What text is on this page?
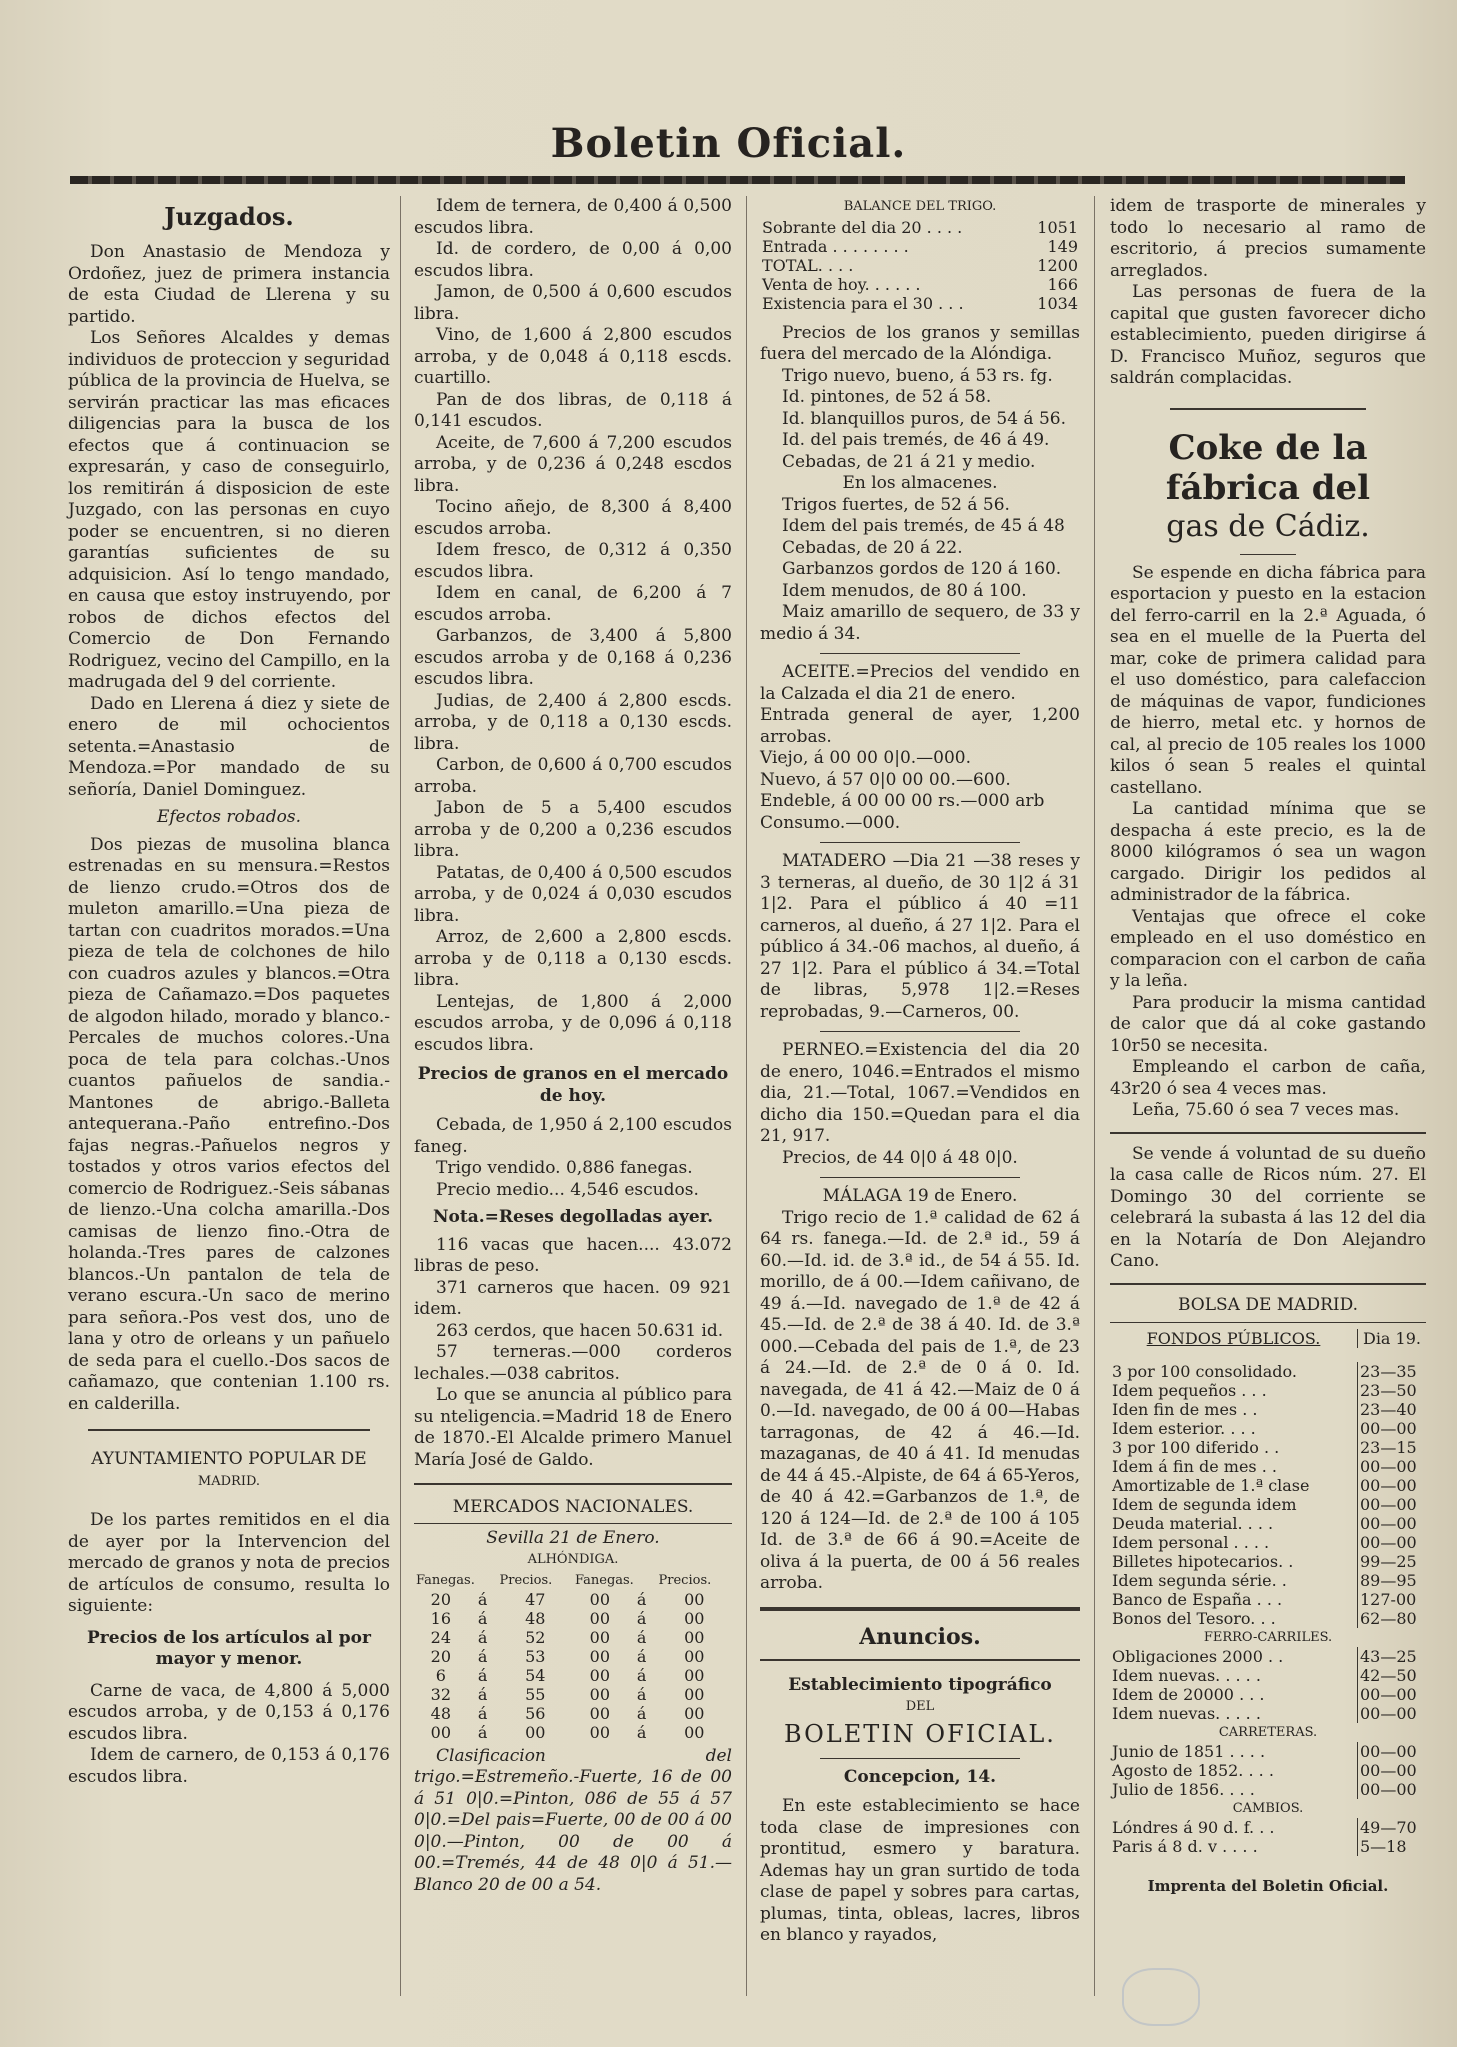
Boletin Oficial.
Juzgados.

Don Anastasio de Mendoza y Ordoñez, juez de primera instancia de esta Ciudad de Llerena y su partido.

Los Señores Alcaldes y demas individuos de proteccion y seguridad pública de la provincia de Huelva, se servirán practicar las mas eficaces diligencias para la busca de los efectos que á continuacion se expresarán, y caso de conseguirlo, los remitirán á disposicion de este Juzgado, con las personas en cuyo poder se encuentren, si no dieren garantías suficientes de su adquisicion. Así lo tengo mandado, en causa que estoy instruyendo, por robos de dichos efectos del Comercio de Don Fernando Rodriguez, vecino del Campillo, en la madrugada del 9 del corriente.

Dado en Llerena á diez y siete de enero de mil ochocientos setenta.=Anastasio de Mendoza.=Por mandado de su señoría, Daniel Dominguez.

Efectos robados.

Dos piezas de musolina blanca estrenadas en su mensura.=Restos de lienzo crudo.=Otros dos de muleton amarillo.=Una pieza de tartan con cuadritos morados.=Una pieza de tela de colchones de hilo con cuadros azules y blancos.=Otra pieza de Cañamazo.=Dos paquetes de algodon hilado, morado y blanco.-Percales de muchos colores.-Una poca de tela para colchas.-Unos cuantos pañuelos de sandia.-Mantones de abrigo.-Balleta antequerana.-Paño entrefino.-Dos fajas negras.-Pañuelos negros y tostados y otros varios efectos del comercio de Rodriguez.-Seis sábanas de lienzo.-Una colcha amarilla.-Dos camisas de lienzo fino.-Otra de holanda.-Tres pares de calzones blancos.-Un pantalon de tela de verano escura.-Un saco de merino para señora.-Pos vest dos, uno de lana y otro de orleans y un pañuelo de seda para el cuello.-Dos sacos de cañamazo, que contenian 1.100 rs. en calderilla.

AYUNTAMIENTO POPULAR DE

MADRID.

De los partes remitidos en el dia de ayer por la Intervencion del mercado de granos y nota de precios de artículos de consumo, resulta lo siguiente:

Precios de los artículos al por mayor y menor.

Carne de vaca, de 4,800 á 5,000 escudos arroba, y de 0,153 á 0,176 escudos libra.

Idem de carnero, de 0,153 á 0,176 escudos libra.

Idem de ternera, de 0,400 á 0,500 escudos libra.

Id. de cordero, de 0,00 á 0,00 escudos libra.

Jamon, de 0,500 á 0,600 escudos libra.

Vino, de 1,600 á 2,800 escudos arroba, y de 0,048 á 0,118 escds. cuartillo.

Pan de dos libras, de 0,118 á 0,141 escudos.

Aceite, de 7,600 á 7,200 escudos arroba, y de 0,236 á 0,248 escdos libra.

Tocino añejo, de 8,300 á 8,400 escudos arroba.

Idem fresco, de 0,312 á 0,350 escudos libra.

Idem en canal, de 6,200 á 7 escudos arroba.

Garbanzos, de 3,400 á 5,800 escudos arroba y de 0,168 á 0,236 escudos libra.

Judias, de 2,400 á 2,800 escds. arroba, y de 0,118 a 0,130 escds. libra.

Carbon, de 0,600 á 0,700 escudos arroba.

Jabon de 5 a 5,400 escudos arroba y de 0,200 a 0,236 escudos libra.

Patatas, de 0,400 á 0,500 escudos arroba, y de 0,024 á 0,030 escudos libra.

Arroz, de 2,600 a 2,800 escds. arroba y de 0,118 a 0,130 escds. libra.

Lentejas, de 1,800 á 2,000 escudos arroba, y de 0,096 á 0,118 escudos libra.

Precios de granos en el mercado de hoy.

Cebada, de 1,950 á 2,100 escudos faneg.

Trigo vendido. 0,886 fanegas.

Precio medio... 4,546 escudos.

Nota.=Reses degolladas ayer.

116 vacas que hacen.... 43.072 libras de peso.

371 carneros que hacen. 09 921 idem.

263 cerdos, que hacen 50.631 id.

57 terneras.—000 corderos lechales.—038 cabritos.

Lo que se anuncia al público para su nteligencia.=Madrid 18 de Enero de 1870.-El Alcalde primero Manuel María José de Galdo.

MERCADOS NACIONALES.

Sevilla 21 de Enero.

ALHÓNDIGA.

Fanegas.		Precios.	Fanegas.		Precios.
20	á	47	00	á	00
16	á	48	00	á	00
24	á	52	00	á	00
20	á	53	00	á	00
6	á	54	00	á	00
32	á	55	00	á	00
48	á	56	00	á	00
00	á	00	00	á	00

Clasificacion del trigo.=Estremeño.-Fuerte, 16 de 00 á 51 0|0.=Pinton, 086 de 55 á 57 0|0.=Del pais=Fuerte, 00 de 00 á 00 0|0.—Pinton, 00 de 00 á 00.=Tremés, 44 de 48 0|0 á 51.—Blanco 20 de 00 a 54.

BALANCE DEL TRIGO.

Sobrante del dia 20 . . . .	1051
Entrada . . . . . . . .	149
TOTAL. . . .	1200
Venta de hoy. . . . . .	166
Existencia para el 30 . . .	1034

Precios de los granos y semillas fuera del mercado de la Alóndiga.

Trigo nuevo, bueno, á 53 rs. fg.

Id. pintones, de 52 á 58.

Id. blanquillos puros, de 54 á 56.

Id. del pais tremés, de 46 á 49.

Cebadas, de 21 á 21 y medio.

En los almacenes.

Trigos fuertes, de 52 á 56.

Idem del pais tremés, de 45 á 48

Cebadas, de 20 á 22.

Garbanzos gordos de 120 á 160.

Idem menudos, de 80 á 100.

Maiz amarillo de sequero, de 33 y medio á 34.

ACEITE.=Precios del vendido en la Calzada el dia 21 de enero.
Entrada general de ayer, 1,200 arrobas.
Viejo, á 00 00 0|0.—000.
Nuevo, á 57 0|0 00 00.—600.
Endeble, á 00 00 00 rs.—000 arb
Consumo.—000.

MATADERO —Dia 21 —38 reses y 3 terneras, al dueño, de 30 1|2 á 31 1|2. Para el público á 40 =11 carneros, al dueño, á 27 1|2. Para el público á 34.-06 machos, al dueño, á 27 1|2. Para el público á 34.=Total de libras, 5,978 1|2.=Reses reprobadas, 9.—Carneros, 00.

PERNEO.=Existencia del dia 20 de enero, 1046.=Entrados el mismo dia, 21.—Total, 1067.=Vendidos en dicho dia 150.=Quedan para el dia 21, 917.

Precios, de 44 0|0 á 48 0|0.

MÁLAGA 19 de Enero.

Trigo recio de 1.ª calidad de 62 á 64 rs. fanega.—Id. de 2.ª id., 59 á 60.—Id. id. de 3.ª id., de 54 á 55. Id. morillo, de á 00.—Idem cañivano, de 49 á.—Id. navegado de 1.ª de 42 á 45.—Id. de 2.ª de 38 á 40. Id. de 3.ª 000.—Cebada del pais de 1.ª, de 23 á 24.—Id. de 2.ª de 0 á 0. Id. navegada, de 41 á 42.—Maiz de 0 á 0.—Id. navegado, de 00 á 00—Habas tarragonas, de 42 á 46.—Id. mazaganas, de 40 á 41. Id menudas de 44 á 45.-Alpiste, de 64 á 65-Yeros, de 40 á 42.=Garbanzos de 1.ª, de 120 á 124—Id. de 2.ª de 100 á 105 Id. de 3.ª de 66 á 90.=Aceite de oliva á la puerta, de 00 á 56 reales arroba.

Anuncios.

Establecimiento tipográfico

DEL

BOLETIN OFICIAL.

Concepcion, 14.

En este establecimiento se hace toda clase de impresiones con prontitud, esmero y baratura. Ademas hay un gran surtido de toda clase de papel y sobres para cartas, plumas, tinta, obleas, lacres, libros en blanco y rayados,

idem de trasporte de minerales y todo lo necesario al ramo de escritorio, á precios sumamente arreglados.

Las personas de fuera de la capital que gusten favorecer dicho establecimiento, pueden dirigirse á D. Francisco Muñoz, seguros que saldrán complacidas.

Coke de la fábrica del
gas de Cádiz.

Se espende en dicha fábrica para esportacion y puesto en la estacion del ferro-carril en la 2.ª Aguada, ó sea en el muelle de la Puerta del mar, coke de primera calidad para el uso doméstico, para calefaccion de máquinas de vapor, fundiciones de hierro, metal etc. y hornos de cal, al precio de 105 reales los 1000 kilos ó sean 5 reales el quintal castellano.

La cantidad mínima que se despacha á este precio, es la de 8000 kilógramos ó sea un wagon cargado. Dirigir los pedidos al administrador de la fábrica.

Ventajas que ofrece el coke empleado en el uso doméstico en comparacion con el carbon de caña y la leña.

Para producir la misma cantidad de calor que dá al coke gastando 10r50 se necesita.

Empleando el carbon de caña, 43r20 ó sea 4 veces mas.

Leña, 75.60 ó sea 7 veces mas.

Se vende á voluntad de su dueño la casa calle de Ricos núm. 27. El Domingo 30 del corriente se celebrará la subasta á las 12 del dia en la Notaría de Don Alejandro Cano.

BOLSA DE MADRID.

FONDOS PÚBLICOS.	Dia 19.
3 por 100 consolidado.	23—35
Idem pequeños . . .	23—50
Iden fin de mes . .	23—40
Idem esterior. . . .	00—00
3 por 100 diferido . .	23—15
Idem á fin de mes . .	00—00
Amortizable de 1.ª clase	00—00
Idem de segunda idem	00—00
Deuda material. . . .	00—00
Idem personal . . . .	00—00
Billetes hipotecarios. .	99—25
Idem segunda série. .	89—95
Banco de España . . .	127-00
Bonos del Tesoro. . .	62—80
FERRO-CARRILES.	
Obligaciones 2000 . .	43—25
Idem nuevas. . . . .	42—50
Idem de 20000 . . .	00—00
Idem nuevas. . . . .	00—00
CARRETERAS.	
Junio de 1851 . . . .	00—00
Agosto de 1852. . . .	00—00
Julio de 1856. . . .	00—00
CAMBIOS.	
Lóndres á 90 d. f. . .	49—70
Paris á 8 d. v . . . .	5—18
Imprenta del Boletin Oficial.
